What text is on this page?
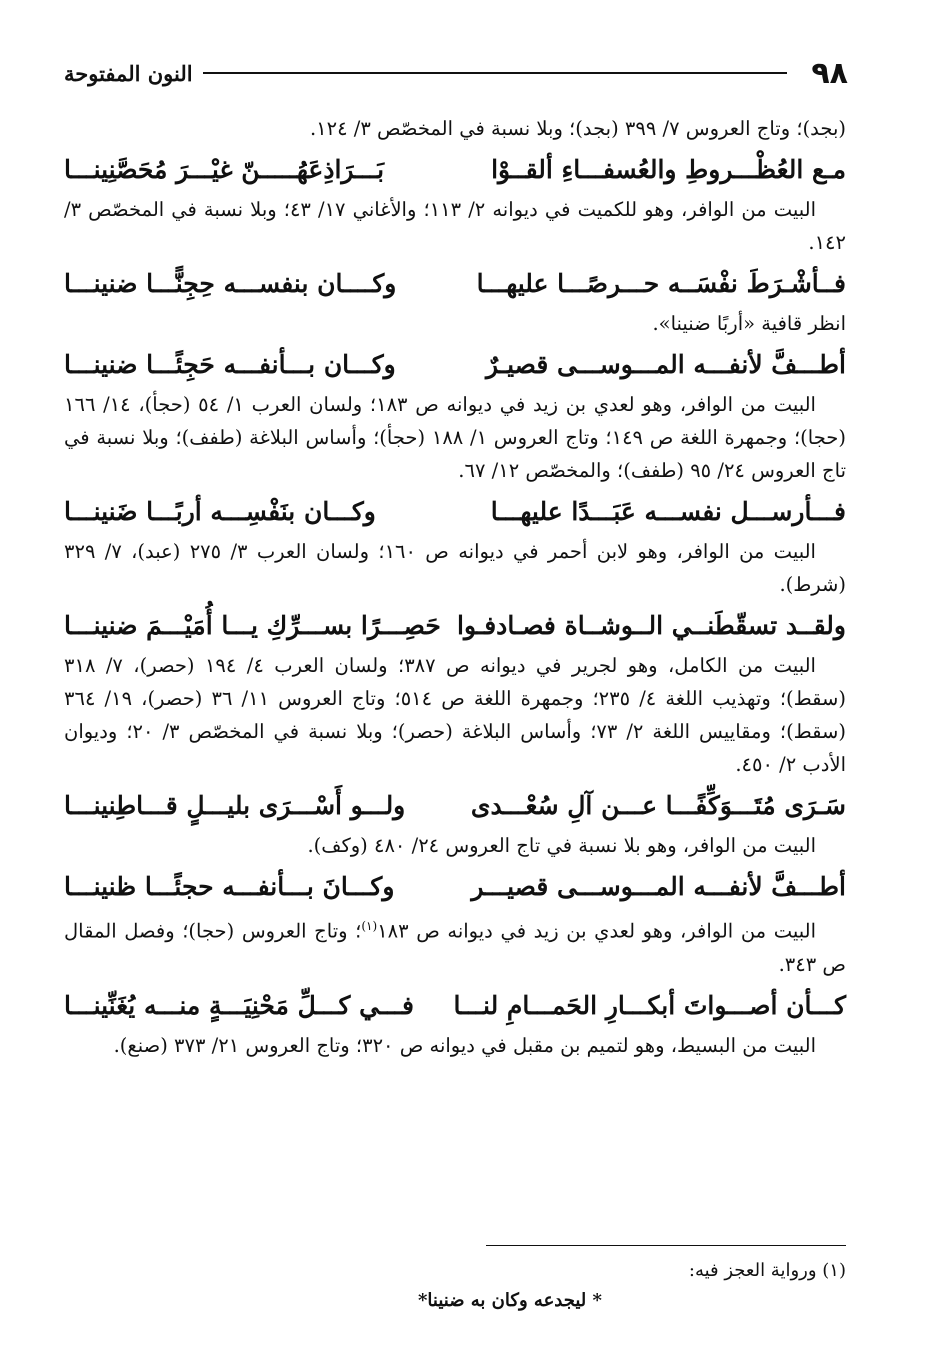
٩٨
النون المفتوحة

(بجد)؛ وتاج العروس ٧/ ٣٩٩ (بجد)؛ وبلا نسبة في المخصّص ٣/ ١٢٤.

مـع العُظْـــروطِ والعُسفـــاءِ ألقــوْا
بَـــرَاذِعَهُـــــنّ غيْـــرَ مُحَصَّنِينـــا

البيت من الوافر، وهو للكميت في ديوانه ٢/ ١١٣؛ والأغاني ١٧/ ٤٣؛ وبلا نسبة في المخصّص ٣/ ١٤٢.

فــأشْـرَطَ نفْسَــه حـــرصًـــا عليهـــا
وكــــان بنفســـه حِجِنًّـــا ضنينـــا

انظر قافية «أربًا ضنينا».

أطـــفَّ لأنفـــه المـــوســـى قصيـرٌ
وكـــان بـــأنفـــه حَجِئًـــا ضنينـــا

البيت من الوافر، وهو لعدي بن زيد في ديوانه ص ١٨٣؛ ولسان العرب ١/ ٥٤ (حجأ)، ١٤/ ١٦٦ (حجا)؛ وجمهرة اللغة ص ١٤٩؛ وتاج العروس ١/ ١٨٨ (حجأ)؛ وأساس البلاغة (طفف)؛ وبلا نسبة في تاج العروس ٢٤/ ٩٥ (طفف)؛ والمخصّص ١٢/ ٦٧.

فـــأرســـل نفســـه عَبَـــدًا عليهـــا
وكـــان بنَفْسِـــه أربًـــا ضَنينـــا

البيت من الوافر، وهو لابن أحمر في ديوانه ص ١٦٠؛ ولسان العرب ٣/ ٢٧٥ (عبد)، ٧/ ٣٢٩ (شرط).

ولقــد تسقّطَنــي الــوشــاة فصـادفـوا
حَصِـــرًا بســـرِّكِ يـــا أُمَيْـــمَ ضنينـــا

البيت من الكامل، وهو لجرير في ديوانه ص ٣٨٧؛ ولسان العرب ٤/ ١٩٤ (حصر)، ٧/ ٣١٨ (سقط)؛ وتهذيب اللغة ٤/ ٢٣٥؛ وجمهرة اللغة ص ٥١٤؛ وتاج العروس ١١/ ٣٦ (حصر)، ١٩/ ٣٦٤ (سقط)؛ ومقاييس اللغة ٢/ ٧٣؛ وأساس البلاغة (حصر)؛ وبلا نسبة في المخصّص ٣/ ٢٠؛ وديوان الأدب ٢/ ٤٥٠.

سَـرَى مُتَـــوَكِّفًـــا عـــن آلِ سُعْـــدى
ولـــو أَسْـــرَى بليـــلٍ قـــاطِنينـــا

البيت من الوافر، وهو بلا نسبة في تاج العروس ٢٤/ ٤٨٠ (وكف).

أطـــفَّ لأنفـــه المـــوســـى قصيـــر
وكـــانَ بـــأنفـــه حجئًـــا ظنينـــا

البيت من الوافر، وهو لعدي بن زيد في ديوانه ص ١٨٣$^{(١)}$؛ وتاج العروس (حجا)؛ وفصل المقال ص ٣٤٣.

كـــأن أصـــواتَ أبكـــارِ الحَمـــامِ لنـــا
فـــي كـــلِّ مَحْنِيَـــةٍ منـــه يُغَنِّينـــا

البيت من البسيط، وهو لتميم بن مقبل في ديوانه ص ٣٢٠؛ وتاج العروس ٢١/ ٣٧٣ (صنع).

(١) ورواية العجز فيه:
* ليجدعه وكان به ضنينا*
